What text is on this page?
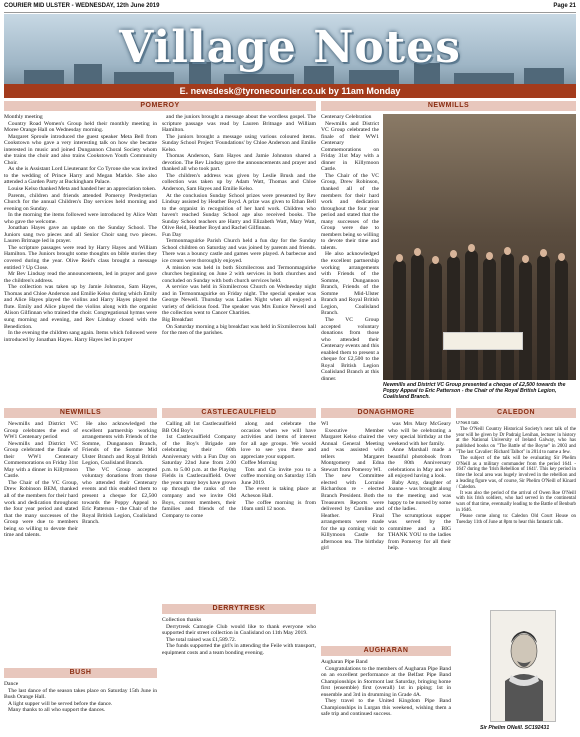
COURIER MID ULSTER - WEDNESDAY, 12th June 2019	Page 21
Village Notes
E. newsdesk@tyronecourier.co.uk by 11am Monday
POMEROY

Monthly meeting

Country Road Women's Group held their monthly meeting in Moree Orange Hall on Wednesday morning.

Margaret Sproule introduced the guest speaker Meta Bell from Cookstown who gave a very interesting talk on how she became interested in music and joined Dungannon Choral Society whom she trains the choir and also trains Cookstown Youth Community Choir.

As she is Assistant Lord Lieutenant for Co Tyrone she was invited to the wedding of Prince Harry and Megan Markle. She also attended a Garden Party at Buckingham Palace.

Louise Kelso thanked Meta and handed her an appreciation token.

Parents, children and friends attended Pomeroy Presbyterian Church for the annual Children's Day services held morning and evening on Sunday.

In the morning the items followed were introduced by Alice Watt who gave the welcome.

Jonathan Hayes gave an update on the Sunday School. The Juniors sang two pieces and all Senior Choir sang two pieces. Lauren Britnage led in prayer.

The scripture passages were read by Harry Hayes and William Hamilton. The Juniors brought some thoughts on bible stories they covered during the year. Olive Reid's class brought a message entitled ? Up Close.

Mr Bev Lindsay read the announcements, led in prayer and gave the children's address.

The collection was taken up by Jamie Johnston, Sam Hayes, Thomas and Chloe Anderson and Emilie Kelso during which Emily and Alice Hayes played the violins and Harry Hayes played the flute. Emily and Alice played the violins along with the organist Alison Gilfinnan who trained the choir. Congregational hymns were sung morning and evening, and Rev Lindsay closed with the Benediction.

In the evening the children sang again. Items which followed were introduced by Jonathan Hayes. Harry Hayes led in prayer

and the juniors brought a message about the wordless gospel. The scripture passage was read by Lauren Britnage and William Hamilton.

The juniors brought a message using various coloured items. Sunday School Project 'Foundations' by Chloe Anderson and Emilie Kelso.

Thomas Anderson, Sam Hayes and Jamie Johnston shared a devotion. The Rev Lindsay gave the announcements and prayer and thanked all who took part.

The children's address was given by Leslie Brush and the collection was taken up by Adam Watt, Thomas and Chloe Anderson, Sam Hayes and Emilie Kelso.

At the conclusion Sunday School prizes were presented by Rev Lindsay assisted by Heather Boyd. A prize was given to Ethan Bell to the organist in recognition of her hard work. Children who haven't reached Sunday School age also received books. The Sunday School teachers are Harry and Elizabeth Watt, Mary Watt, Olive Reid, Heather Boyd and Rachel Gilfinnan.

Fun Day

Termonmaguirke Parish Church held a fun day for the Sunday School children on Saturday and was joined by parents and friends. There was a bouncy castle and games were played. A barbecue and ice cream were thoroughly enjoyed.

A mission was held in both Sixmilecross and Termonmaguirke churches beginning on June 2 with services in both churches and concluded on Sunday with both church services held.

A service was held in Sixmilecross Church on Wednesday night and in Termonmaguirke on Friday night. The special speaker was George Newell. Thursday was Ladies Night when all enjoyed a variety of delicious food. The speaker was Mrs Eunice Newell and the collection went to Cancer Charities.

Big Breakfast

On Saturday morning a big breakfast was held in Sixmilecross hall for the men of the parishes.

NEWMILLS

Centenary Celebration

Newmills and District VC Group celebrated the finale of their WW1 Centenary Commemorations on Friday 31st May with a dinner in Killymoon Castle.

The Chair of the VC Group, Drew Robinson, thanked all of the members for their hard work and dedication throughout the four year period and stated that the many successes of the Group were due to members being so willing to devote their time and talents.

He also acknowledged the excellent partnership working arrangements with Friends of the Somme, Dungannon Branch, Friends of the Somme Mid-Ulster Branch and Royal British Legion, Coalisland Branch.

The VC Group accepted voluntary donations from those who attended their Centenary events and this enabled them to present a cheque for £2,500 to the Royal British Legion Coalisland Branch at this dinner.

Newmills and District VC Group presented a cheque of £2,500 towards the Poppy Appeal to Eric Patterson - the Chair of the Royal British Legion, Coalisland Branch.
NEWMILLS

Newmills and District VC Group celebrates the end of WW1 Centenary period

Newmills and District VC Group celebrated the finale of their WW1 Centenary Commemorations on Friday 31st May with a dinner in Killymoon Castle.

The Chair of the VC Group, Drew Robinson BEM, thanked all of the members for their hard work and dedication throughout the four year period and stated that the many successes of the Group were due to members being so willing to devote their time and talents.

He also acknowledged the excellent partnership working arrangements with Friends of the Somme, Dungannon Branch, Friends of the Somme Mid Ulster Branch and Royal British Legion, Coalisland Branch.

The VC Group accepted voluntary donations from those who attended their Centenary events and this enabled them to present a cheque for £2,500 towards the Poppy Appeal to Eric Patterson - the Chair of the Royal British Legion, Coalisland Branch.

BUSH

Dance

The last dance of the season takes place on Saturday 15th June in Bush Orange Hall.

A light supper will be served before the dance.

Many thanks to all who support the dances.

CASTLECAULFIELD

Calling all 1st Castlecaulfield BB Old Boy's

1st Castlecaulfield Company of the Boy's Brigade are celebrating their 60th Anniversary with a Fun Day on Saturday 22nd June from 2.00 p.m. to 5.00 p.m. at the Playing Fields in Castlecaulfield. Over the years many boys have grown up through the ranks of the company and we invite Old Boys, current members, their families and friends of the Company to come

along and celebrate the occasion when we will have activities and items of interest for all age groups. We would love to see you there and appreciate your support.

Coffee Morning

Tots and Co invite you to a coffee morning on Saturday 15th June 2019.

The event is taking place at Acheson Hall.

The coffee morning is from 10am until 12 noon.

DERRYTRESK

Collection thanks

Derrytresk Camogie Club would like to thank everyone who supported their street collection in Coalisland on 11th May 2019.

The total raised was £1,589.72.

The funds supported the girl's in attending the Feile with transport, equipment costs and a team bonding evening.

DONAGHMORE

WI

Executive Member Margaret Kelso chaired the Annual General Meeting and was assisted with tellers Margaret Montgomery and Edna Stewart from Pomeroy WI.

The new Committee elected with Lorraine Richardson re - elected Branch President. Both the Treasurers Reports were delivered by Caroline and Heather. Final arrangements were made for the up coming visit to Killymoon Castle for afternoon tea. The birthday girl

was Mrs Mary McGeary who will be celebrating a very special birthday at the weekend with her family.

Anne Marshall made a beautiful photobook from the 80th Anniversary celebrations in May and we all enjoyed having a look.

Baby Amy, daughter of Joanne - was brought along to the meeting and was happy to be nursed by some of the ladies.

The scrumptious supper was served by the committee and a BIG THANK YOU to the ladies from Pomeroy for all their help.

AUGHARAN

Augharan Pipe Band

Congratulations to the members of Augharan Pipe Band on an excellent performance at the Belfast Pipe Band Championships in Stormont last Saturday, bringing home first (ensemble) first (overall) 1st in piping; 1st in ensemble and 3rd in drumming in Grade 4A.

They travel to the United Kingdom Pipe Band Championships in Lurgan this weekend, wishing them a safe trip and continued success.

CALEDON

O'Neill talk

The O'Neill Country Historical Society's next talk of the year will be given by Dr Padraig Lenihan, lecturer in history at the National University of Ireland Galway, who has published books on "The Battle of the Boyne" in 2003 and "The last Cavalier: Richard Talbot" in 2014 to name a few.

The subject of the talk will be evaluating Sir Phelim O'Neill as a military commander from the period 1641 - 1647 during the 'Irish Rebellion of 1641'. This key period in time the local area was hugely involved in the rebellion and a leading figure was, of course, Sir Phelim O'Neill of Kinard / Caledon.

It was also the period of the arrival of Owen Roe O'Neill with his Irish soldiers, who had served in the continental wars of that time, eventually leading to the Battle of Benburb in 1646.

Please come along to: Caledon Old Court House on Tuesday 11th of June at 8pm to hear this fantastic talk.

Sir Phelim ONeill. SC192431
